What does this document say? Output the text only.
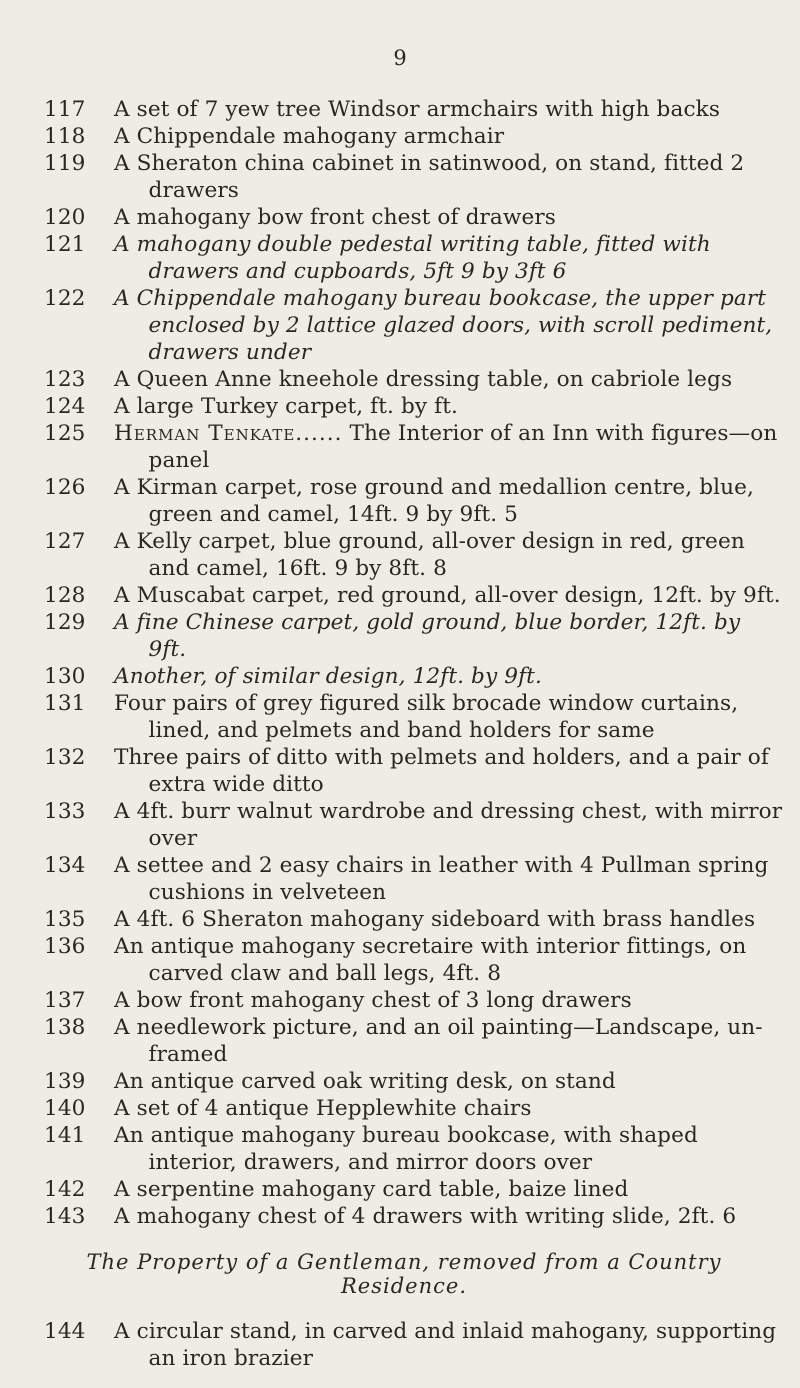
9
117	A set of 7 yew tree Windsor armchairs with high backs
118	A Chippendale mahogany armchair
119	A Sheraton china cabinet in satinwood, on stand, fitted 2 drawers
120	A mahogany bow front chest of drawers
121	A mahogany double pedestal writing table, fitted with drawers and cupboards, 5ft 9 by 3ft 6
122	A Chippendale mahogany bureau bookcase, the upper part enclosed by 2 lattice glazed doors, with scroll pediment, drawers under
123	A Queen Anne kneehole dressing table, on cabriole legs
124	A large Turkey carpet, ft. by ft.
125	Herman Tenkate...... The Interior of an Inn with figures—on panel
126	A Kirman carpet, rose ground and medallion centre, blue, green and camel, 14ft. 9 by 9ft. 5
127	A Kelly carpet, blue ground, all-over design in red, green and camel, 16ft. 9 by 8ft. 8
128	A Muscabat carpet, red ground, all-over design, 12ft. by 9ft.
129	A fine Chinese carpet, gold ground, blue border, 12ft. by 9ft.
130	Another, of similar design, 12ft. by 9ft.
131	Four pairs of grey figured silk brocade window curtains, lined, and pelmets and band holders for same
132	Three pairs of ditto with pelmets and holders, and a pair of extra wide ditto
133	A 4ft. burr walnut wardrobe and dressing chest, with mirror over
134	A settee and 2 easy chairs in leather with 4 Pullman spring cushions in velveteen
135	A 4ft. 6 Sheraton mahogany sideboard with brass handles
136	An antique mahogany secretaire with interior fittings, on carved claw and ball legs, 4ft. 8
137	A bow front mahogany chest of 3 long drawers
138	A needlework picture, and an oil painting—Landscape, un-framed
139	An antique carved oak writing desk, on stand
140	A set of 4 antique Hepplewhite chairs
141	An antique mahogany bureau bookcase, with shaped interior, drawers, and mirror doors over
142	A serpentine mahogany card table, baize lined
143	A mahogany chest of 4 drawers with writing slide, 2ft. 6
The Property of a Gentleman, removed from a Country Residence.
144	A circular stand, in carved and inlaid mahogany, supporting an iron brazier
